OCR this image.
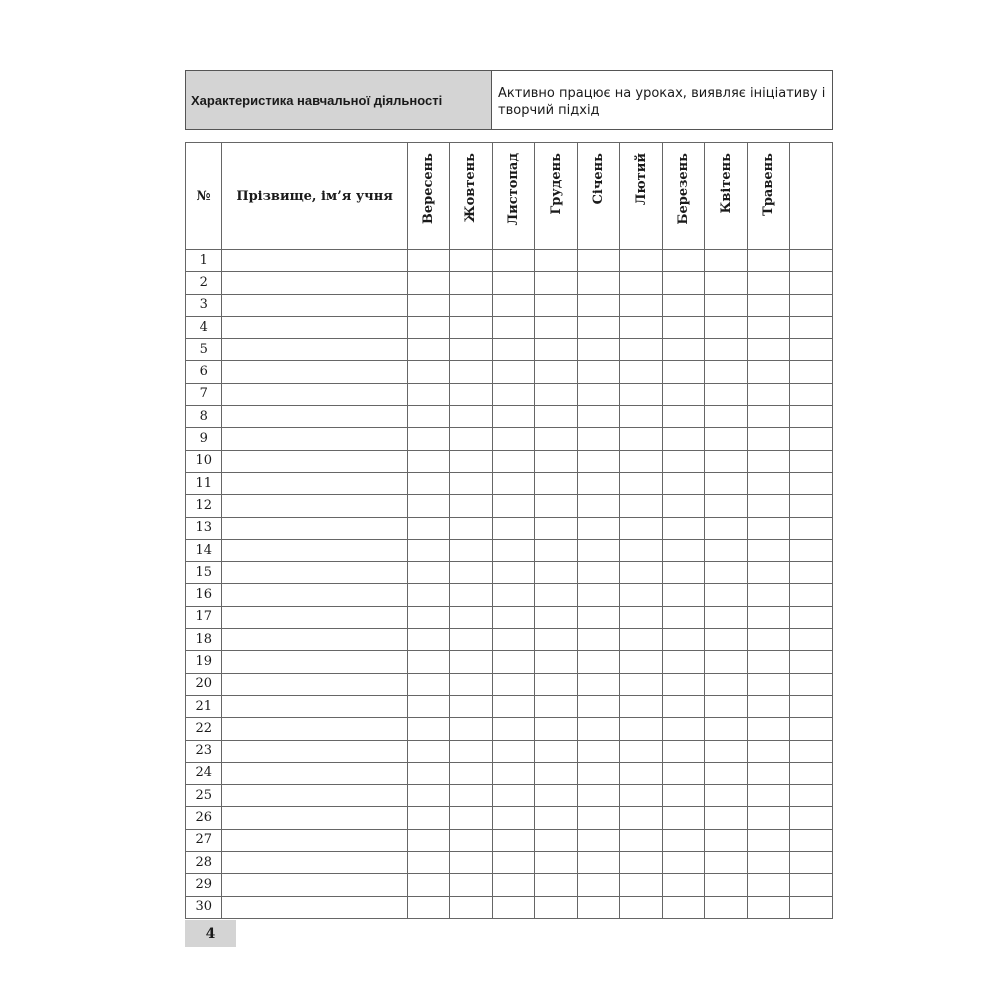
Характеристика навчальної діяльності	Активно працює на уроках, виявляє ініціативу і творчий підхід
№	Прізвище, ім’я учня	Вересень	Жовтень	Листопад	Грудень	Січень	Лютий	Березень	Квітень	Травень	
1											
2											
3											
4											
5											
6											
7											
8											
9											
10											
11											
12											
13											
14											
15											
16											
17											
18											
19											
20											
21											
22											
23											
24											
25											
26											
27											
28											
29											
30											
4
